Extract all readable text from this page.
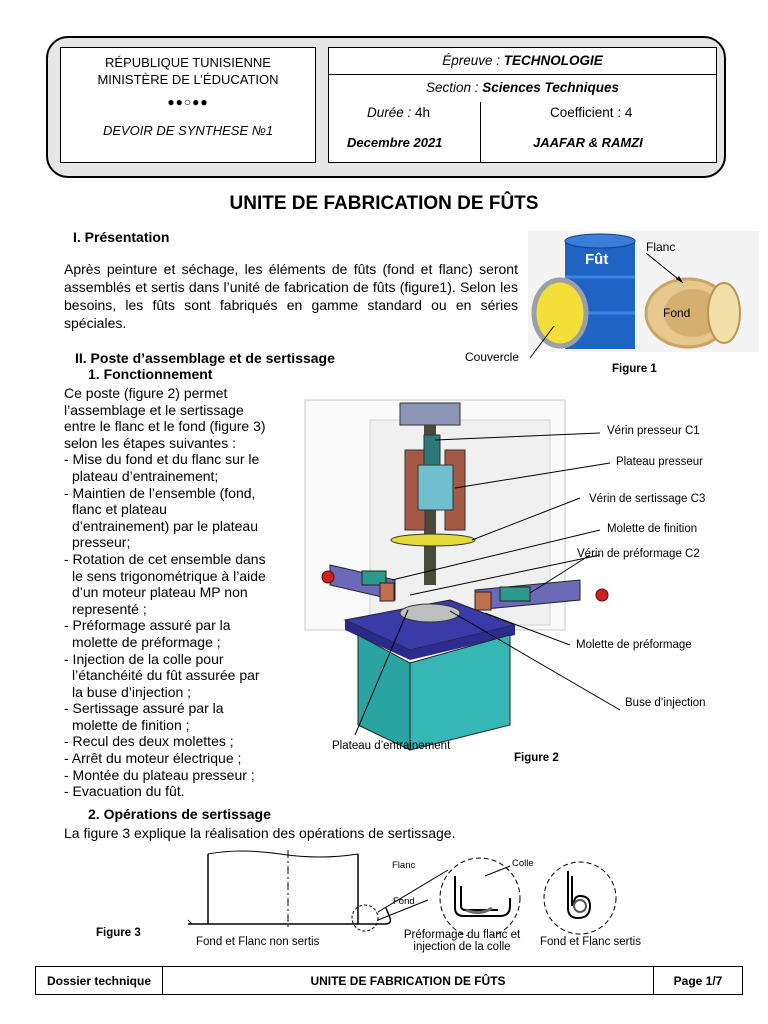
RÉPUBLIQUE TUNISIENNE
MINISTÈRE DE L’ÉDUCATION
●●○●●
DEVOIR DE SYNTHESE №1
Épreuve : TECHNOLOGIE
Section : Sciences Techniques
Durée : 4h	Coefficient : 4
Decembre 2021	JAAFAR & RAMZI
UNITE DE FABRICATION DE FÛTS
I. Présentation
Après peinture et séchage, les éléments de fûts (fond et flanc) seront assemblés et sertis dans l’unité de fabrication de fûts (figure1). Selon les besoins, les fûts sont fabriqués en gamme standard ou en séries spéciales.
Fût
Flanc
Fond
Couvercle
Figure 1
II. Poste d’assemblage et de sertissage
1. Fonctionnement
Ce poste (figure 2) permet
l’assemblage et le sertissage
entre le flanc et le fond (figure 3)
selon les étapes suivantes :
- Mise du fond et du flanc sur le
plateau d’entrainement;
- Maintien de l’ensemble (fond,
flanc et plateau
d’entrainement) par le plateau
presseur;
- Rotation de cet ensemble dans
le sens trigonométrique à l’aide
d’un moteur plateau MP non
representé ;
- Préformage assuré par la
molette de préformage ;
- Injection de la colle pour
l’étanchéité du fût assurée par
la buse d’injection ;
- Sertissage assuré par la
molette de finition ;
- Recul des deux molettes ;
- Arrêt du moteur électrique ;
- Montée du plateau presseur ;
- Evacuation du fût.
Vérin presseur C1
Plateau presseur
Vérin de sertissage C3
Molette de finition
Vérin de préformage C2
Molette de préformage
Buse d’injection
Plateau d’entrainement
Figure 2
2. Opérations de sertissage
La figure 3 explique la réalisation des opérations de sertissage.
Flanc	Colle
Fond
Figure 3
Fond et Flanc non sertis
Préformage du flanc et
injection de la colle	Fond et Flanc sertis
Dossier technique	UNITE DE FABRICATION DE FÛTS	Page 1/7
